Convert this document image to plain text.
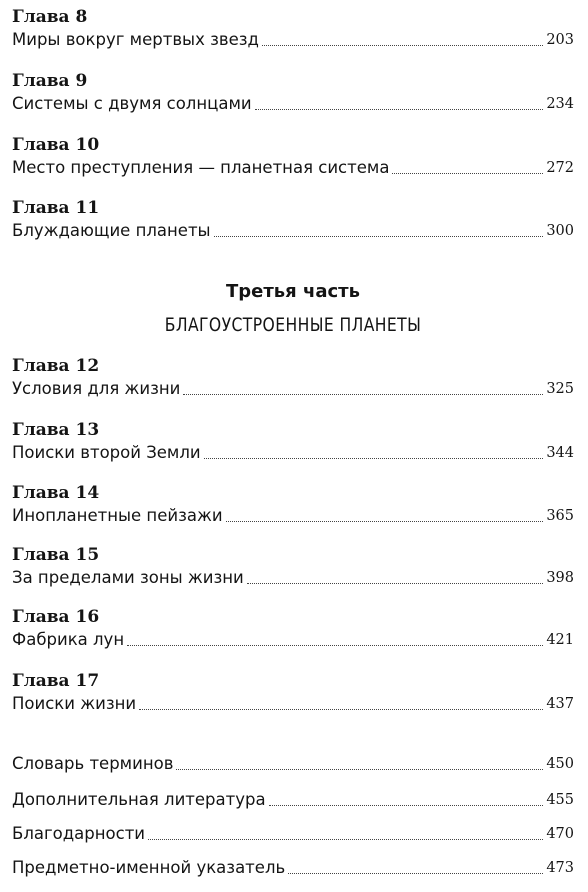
Глава 8
Миры вокруг мертвых звезд	203
Глава 9
Системы с двумя солнцами	234
Глава 10
Место преступления — планетная система	272
Глава 11
Блуждающие планеты	300
Третья часть
БЛАГОУСТРОЕННЫЕ ПЛАНЕТЫ
Глава 12
Условия для жизни	325
Глава 13
Поиски второй Земли	344
Глава 14
Инопланетные пейзажи	365
Глава 15
За пределами зоны жизни	398
Глава 16
Фабрика лун	421
Глава 17
Поиски жизни	437
Словарь терминов	450
Дополнительная литература	455
Благодарности	470
Предметно-именной указатель	473
